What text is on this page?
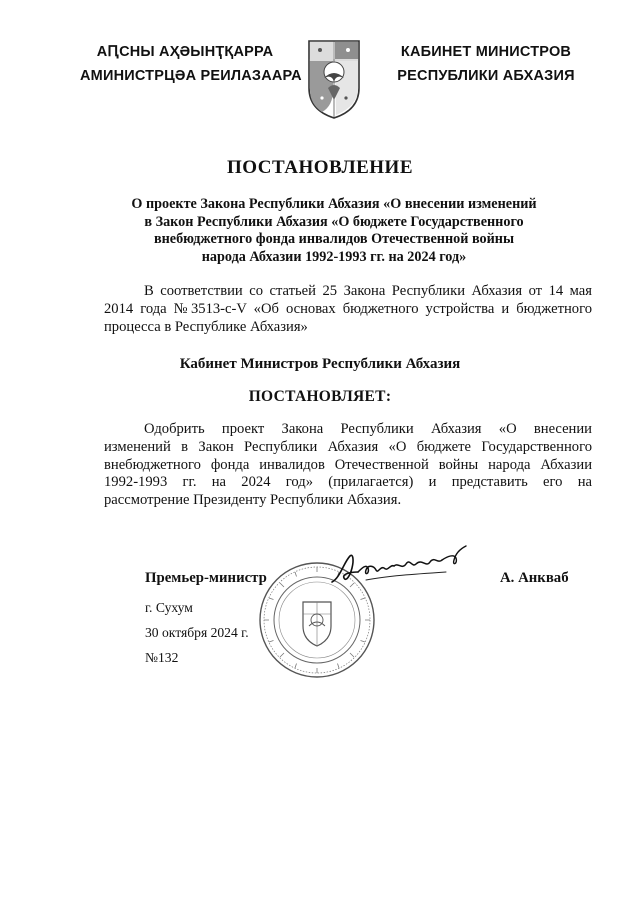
АԤСНЫ АҲӘЫНҬҚАРРА
АМИНИСТРЦӘА РЕИЛАЗААРА
КАБИНЕТ МИНИСТРОВ
РЕСПУБЛИКИ АБХАЗИЯ
ПОСТАНОВЛЕНИЕ
О проекте Закона Республики Абхазия «О внесении изменений
в Закон Республики Абхазия «О бюджете Государственного
внебюджетного фонда инвалидов Отечественной войны
народа Абхазии 1992-1993 гг. на 2024 год»
В соответствии со статьей 25 Закона Республики Абхазия от 14 мая
2014 года №3513-с-V «Об основах бюджетного устройства и бюджетного
процесса в Республике Абхазия»
Кабинет Министров Республики Абхазия
ПОСТАНОВЛЯЕТ:
Одобрить проект Закона Республики Абхазия «О внесении
изменений в Закон Республики Абхазия «О бюджете Государственного
внебюджетного фонда инвалидов Отечественной войны народа Абхазии
1992-1993 гг. на 2024 год» (прилагается) и представить его на
рассмотрение Президенту Республики Абхазия.
Премьер-министр	А. Анкваб
г. Сухум
30 октября 2024 г.
№132
